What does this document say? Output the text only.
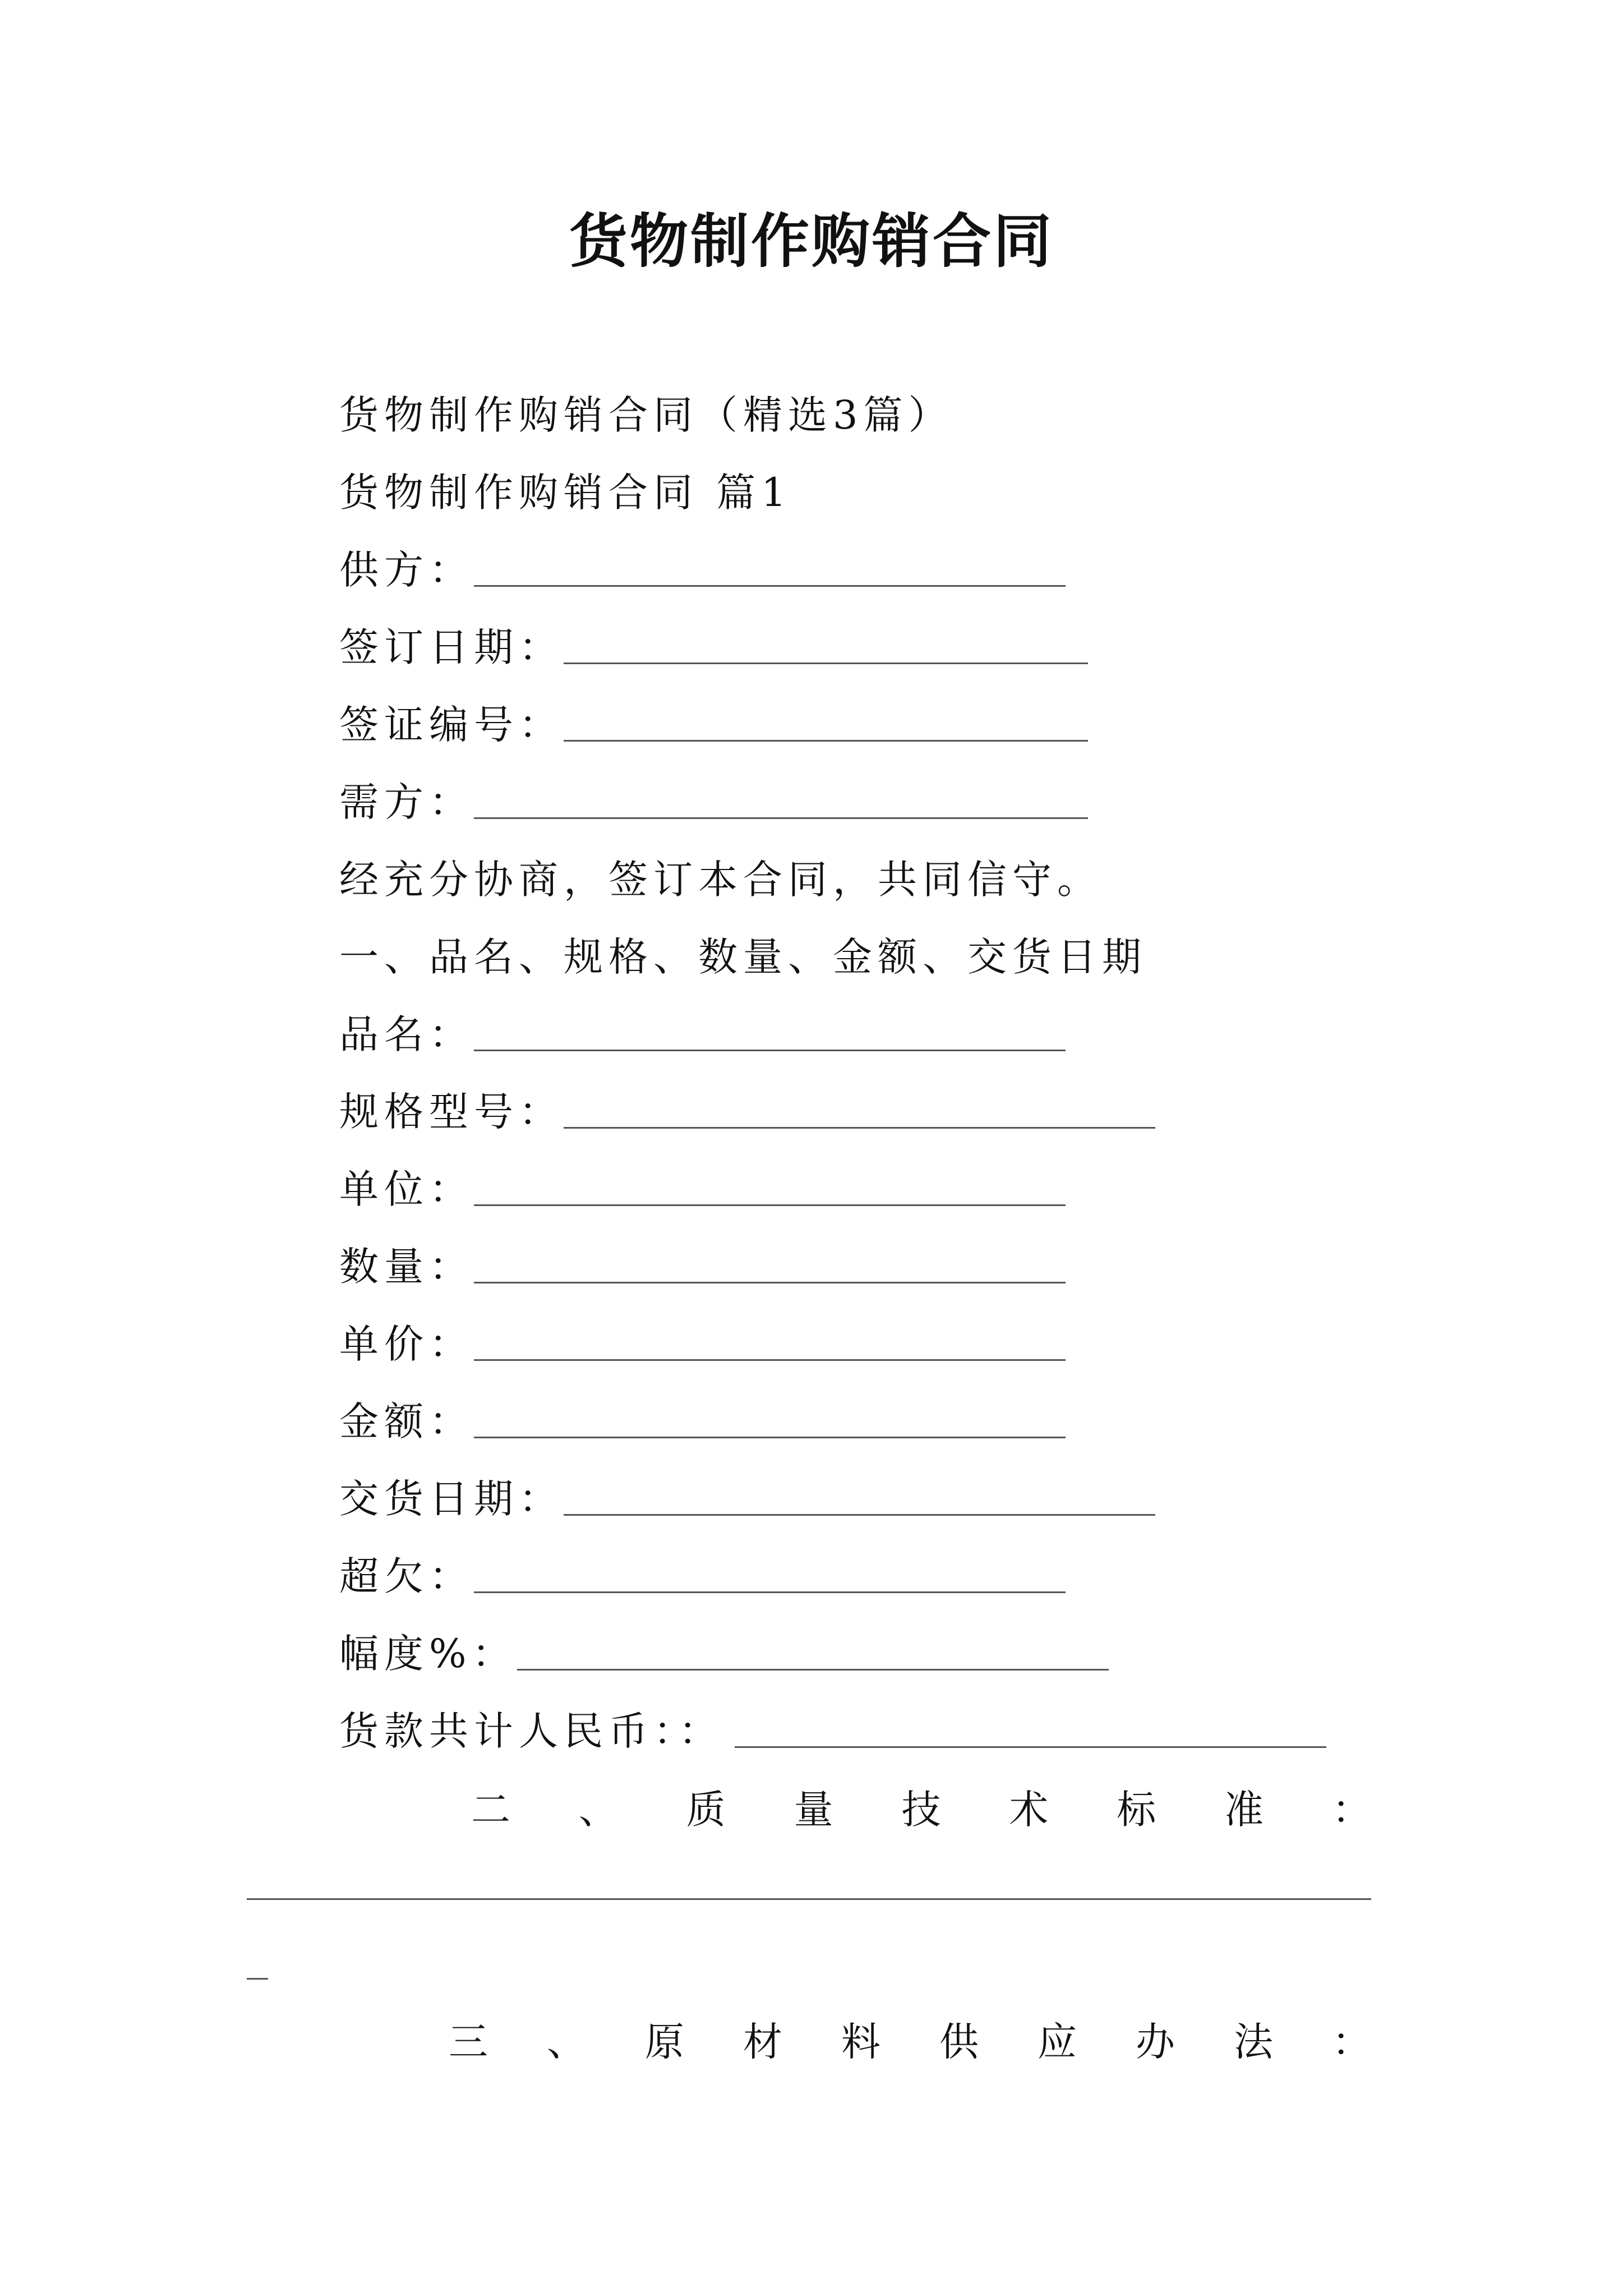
货物制作购销合同
货物制作购销合同（精选3篇）
货物制作购销合同 篇1
供方：
签订日期：
签证编号：
需方：
经充分协商，签订本合同，共同信守。
一、品名、规格、数量、金额、交货日期
品名：
规格型号：
单位：
数量：
单价：
金额：
交货日期：
超欠：
幅度%：
货款共计人民币：：
二 、 质 量 技 术 标 准 ：
三 、 原 材 料 供 应 办 法 ：
